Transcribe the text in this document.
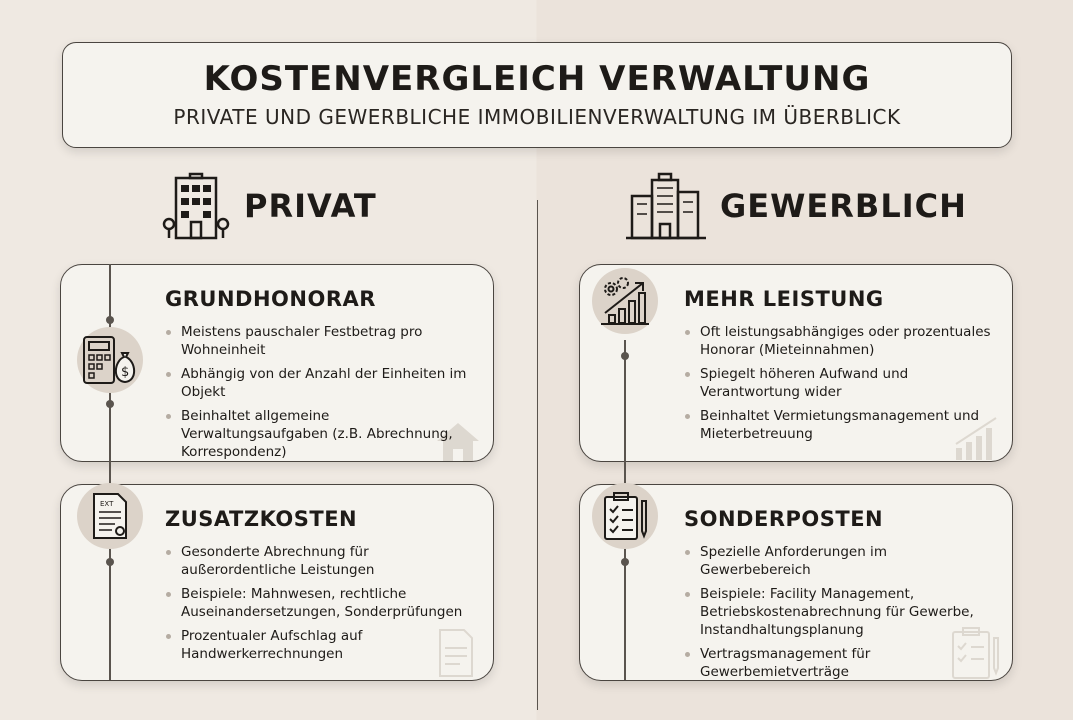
KOSTENVERGLEICH VERWALTUNG
PRIVATE UND GEWERBLICHE IMMOBILIENVERWALTUNG IM ÜBERBLICK
PRIVAT	GEWERBLICH
GRUNDHONORAR
Meistens pauschaler Festbetrag pro Wohneinheit
Abhängig von der Anzahl der Einheiten im Objekt
Beinhaltet allgemeine Verwaltungsaufgaben (z.B. Abrechnung, Korrespondenz)
ZUSATZKOSTEN
Gesonderte Abrechnung für außerordentliche Leistungen
Beispiele: Mahnwesen, rechtliche Auseinandersetzungen, Sonderprüfungen
Prozentualer Aufschlag auf Handwerkerrechnungen
MEHR LEISTUNG
Oft leistungsabhängiges oder prozentuales Honorar (Mieteinnahmen)
Spiegelt höheren Aufwand und Verantwortung wider
Beinhaltet Vermietungsmanagement und Mieterbetreuung
SONDERPOSTEN
Spezielle Anforderungen im Gewerbebereich
Beispiele: Facility Management, Betriebskostenabrechnung für Gewerbe, Instandhaltungsplanung
Vertragsmanagement für Gewerbemietverträge
$
EXT
